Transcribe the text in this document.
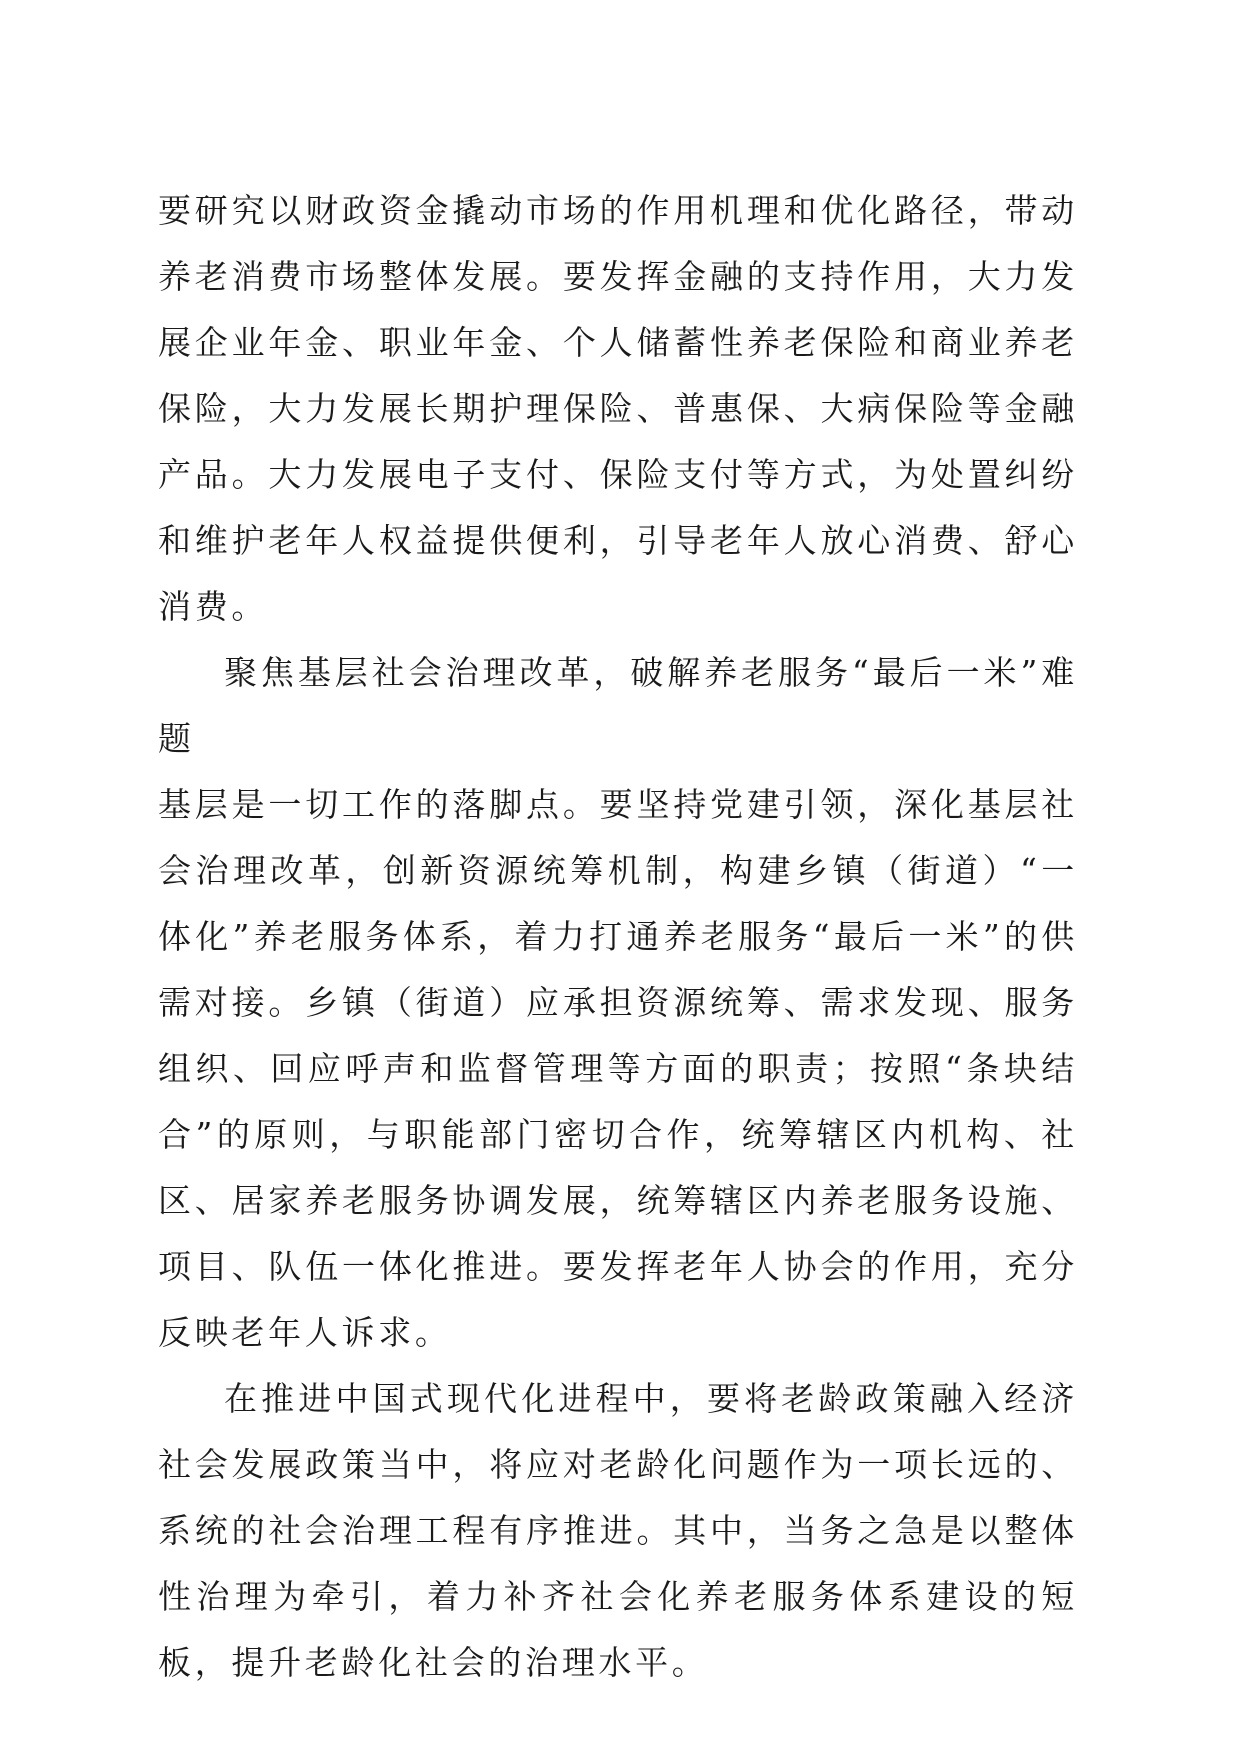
要研究以财政资金撬动市场的作用机理和优化路径，带动养老消费市场整体发展。要发挥金融的支持作用，大力发展企业年金、职业年金、个人储蓄性养老保险和商业养老保险，大力发展长期护理保险、普惠保、大病保险等金融产品。大力发展电子支付、保险支付等方式，为处置纠纷和维护老年人权益提供便利，引导老年人放心消费、舒心消费。

聚焦基层社会治理改革，破解养老服务“最后一米”难题

基层是一切工作的落脚点。要坚持党建引领，深化基层社会治理改革，创新资源统筹机制，构建乡镇（街道）“一体化”养老服务体系，着力打通养老服务“最后一米”的供需对接。乡镇（街道）应承担资源统筹、需求发现、服务组织、回应呼声和监督管理等方面的职责；按照“条块结合”的原则，与职能部门密切合作，统筹辖区内机构、社区、居家养老服务协调发展，统筹辖区内养老服务设施、项目、队伍一体化推进。要发挥老年人协会的作用，充分反映老年人诉求。

在推进中国式现代化进程中，要将老龄政策融入经济社会发展政策当中，将应对老龄化问题作为一项长远的、系统的社会治理工程有序推进。其中，当务之急是以整体性治理为牵引，着力补齐社会化养老服务体系建设的短板，提升老龄化社会的治理水平。
